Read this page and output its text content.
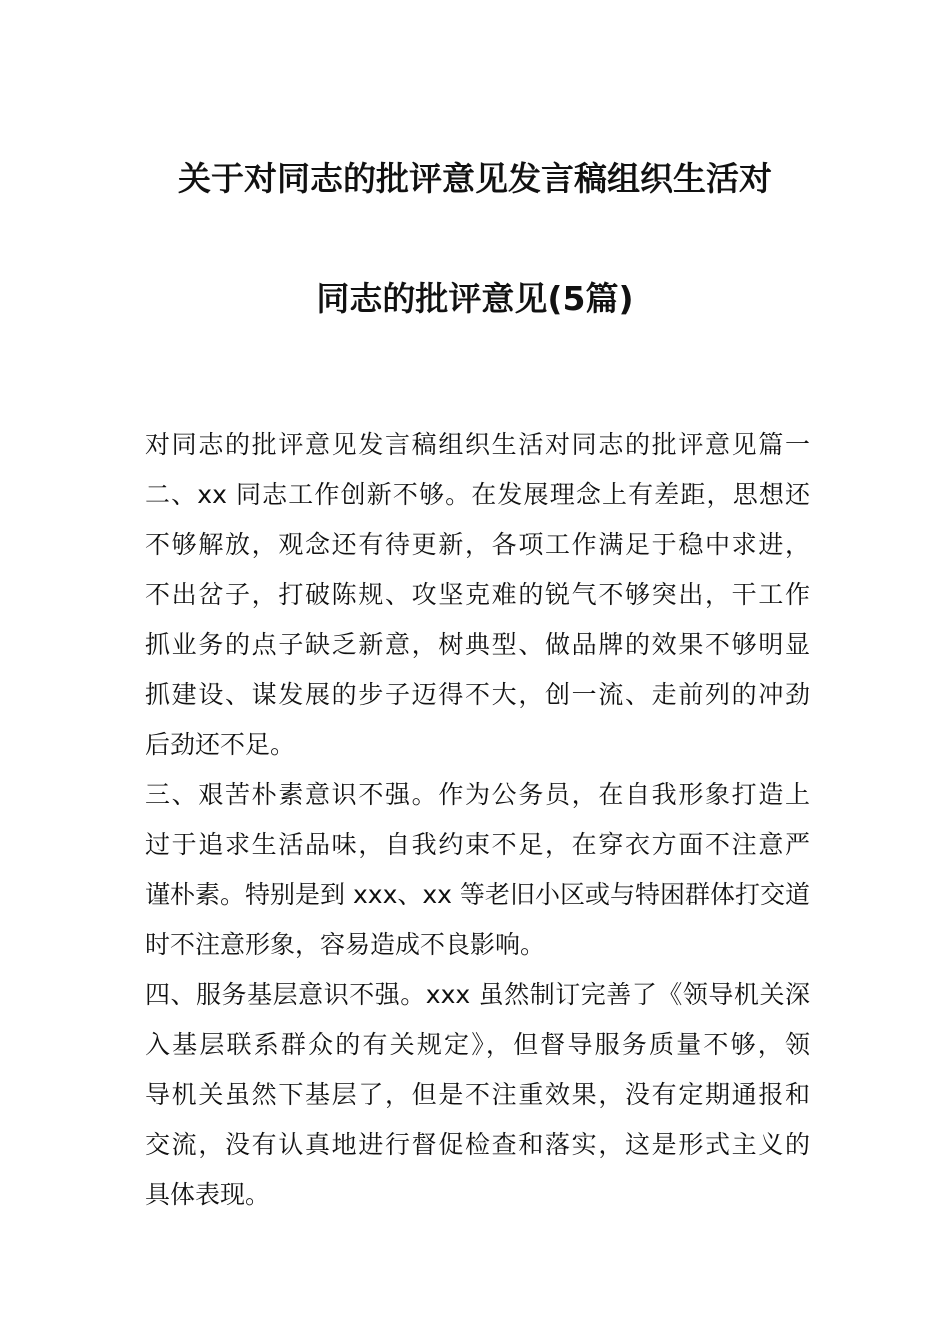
关于对同志的批评意见发言稿组织生活对
同志的批评意见(5篇)
对同志的批评意见发言稿组织生活对同志的批评意见篇一
二、xx 同志工作创新不够。在发展理念上有差距，思想还
不够解放，观念还有待更新，各项工作满足于稳中求进，
不出岔子，打破陈规、攻坚克难的锐气不够突出，干工作
抓业务的点子缺乏新意，树典型、做品牌的效果不够明显
抓建设、谋发展的步子迈得不大，创一流、走前列的冲劲
后劲还不足。
三、艰苦朴素意识不强。作为公务员，在自我形象打造上
过于追求生活品味，自我约束不足，在穿衣方面不注意严
谨朴素。特别是到 xxx、xx 等老旧小区或与特困群体打交道
时不注意形象，容易造成不良影响。
四、服务基层意识不强。xxx 虽然制订完善了《领导机关深
入基层联系群众的有关规定》，但督导服务质量不够，领
导机关虽然下基层了，但是不注重效果，没有定期通报和
交流，没有认真地进行督促检查和落实，这是形式主义的
具体表现。
